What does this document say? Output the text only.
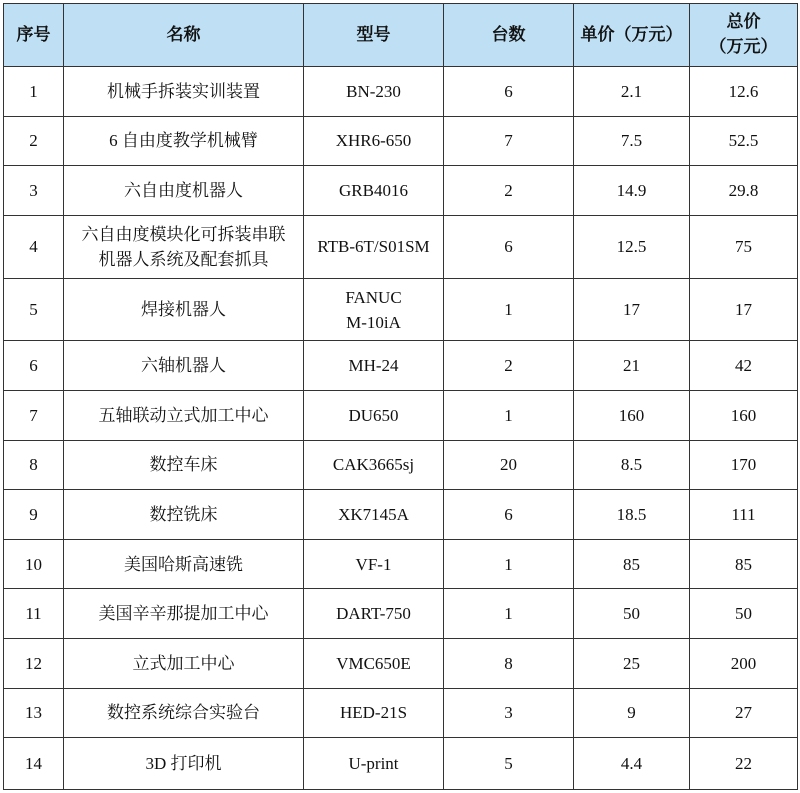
序号	名称	型号	台数	单价（万元）	总价
（万元）

1	机械手拆装实训装置	BN-230	6	2.1	12.6
2	6 自由度教学机械臂	XHR6-650	7	7.5	52.5
3	六自由度机器人	GRB4016	2	14.9	29.8
4	六自由度模块化可拆装串联
机器人系统及配套抓具	RTB-6T/S01SM	6	12.5	75
5	焊接机器人	FANUC
M-10iA	1	17	17
6	六轴机器人	MH-24	2	21	42
7	五轴联动立式加工中心	DU650	1	160	160
8	数控车床	CAK3665sj	20	8.5	170
9	数控铣床	XK7145A	6	18.5	111
10	美国哈斯高速铣	VF-1	1	85	85
11	美国辛辛那提加工中心	DART-750	1	50	50
12	立式加工中心	VMC650E	8	25	200
13	数控系统综合实验台	HED-21S	3	9	27
14	3D 打印机	U-print	5	4.4	22
